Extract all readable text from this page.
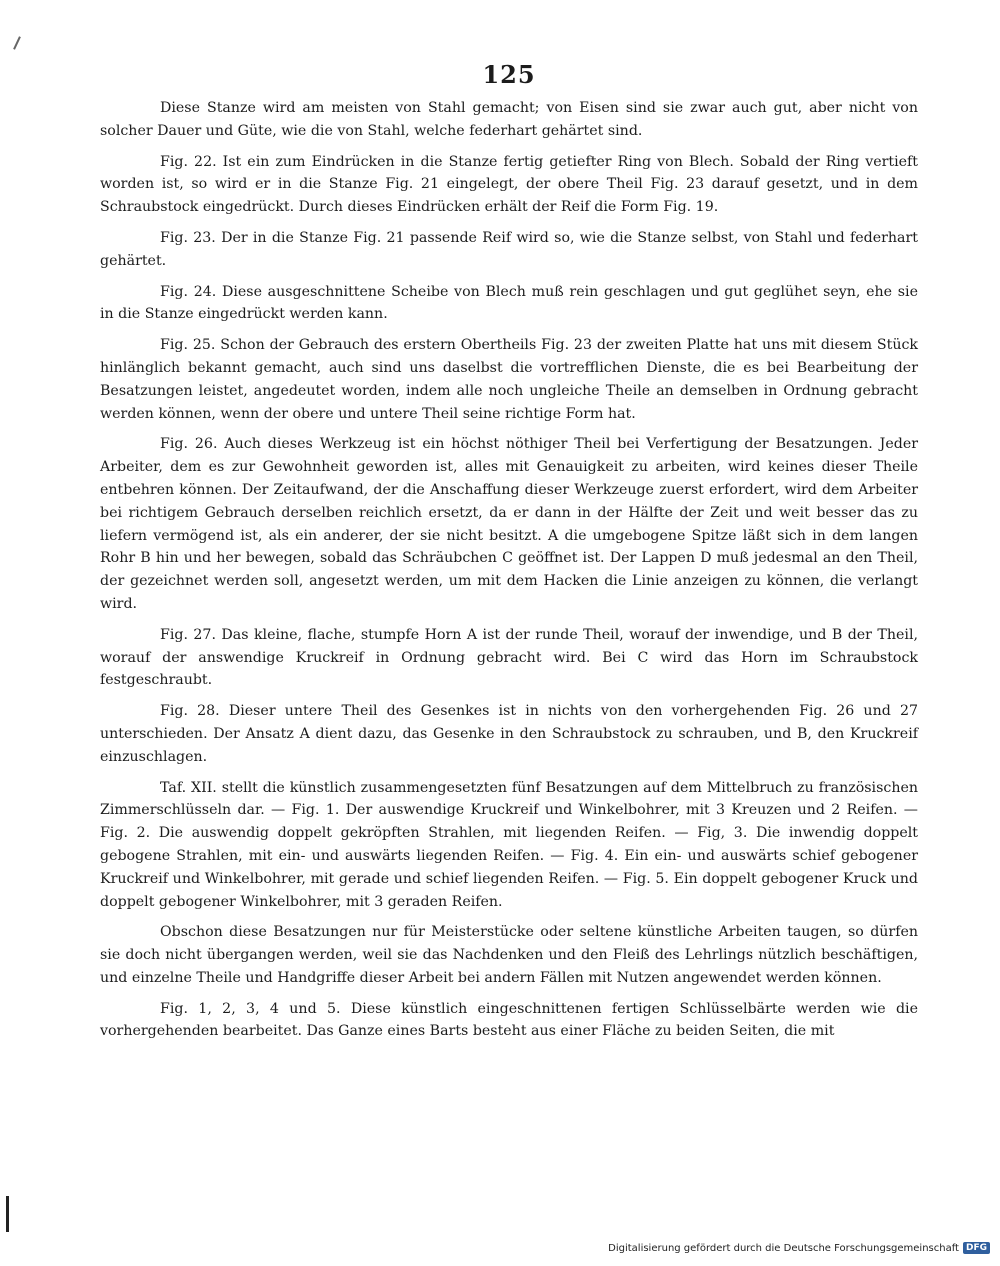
125

Diese Stanze wird am meisten von Stahl gemacht; von Eisen sind sie zwar auch gut, aber nicht von solcher Dauer und Güte, wie die von Stahl, welche federhart gehärtet sind.

Fig. 22. Ist ein zum Eindrücken in die Stanze fertig getiefter Ring von Blech. Sobald der Ring vertieft worden ist, so wird er in die Stanze Fig. 21 eingelegt, der obere Theil Fig. 23 darauf gesetzt, und in dem Schraubstock eingedrückt. Durch dieses Eindrücken erhält der Reif die Form Fig. 19.

Fig. 23. Der in die Stanze Fig. 21 passende Reif wird so, wie die Stanze selbst, von Stahl und federhart gehärtet.

Fig. 24. Diese ausgeschnittene Scheibe von Blech muß rein geschlagen und gut geglühet seyn, ehe sie in die Stanze eingedrückt werden kann.

Fig. 25. Schon der Gebrauch des erstern Obertheils Fig. 23 der zweiten Platte hat uns mit diesem Stück hinlänglich bekannt gemacht, auch sind uns daselbst die vortrefflichen Dienste, die es bei Bearbeitung der Besatzungen leistet, angedeutet worden, indem alle noch ungleiche Theile an demselben in Ordnung gebracht werden können, wenn der obere und untere Theil seine richtige Form hat.

Fig. 26. Auch dieses Werkzeug ist ein höchst nöthiger Theil bei Verfertigung der Besatzungen. Jeder Arbeiter, dem es zur Gewohnheit geworden ist, alles mit Genauigkeit zu arbeiten, wird keines dieser Theile entbehren können. Der Zeitaufwand, der die Anschaffung dieser Werkzeuge zuerst erfordert, wird dem Arbeiter bei richtigem Gebrauch derselben reichlich ersetzt, da er dann in der Hälfte der Zeit und weit besser das zu liefern vermögend ist, als ein anderer, der sie nicht besitzt. A die umgebogene Spitze läßt sich in dem langen Rohr B hin und her bewegen, sobald das Schräubchen C geöffnet ist. Der Lappen D muß jedesmal an den Theil, der gezeichnet werden soll, angesetzt werden, um mit dem Hacken die Linie anzeigen zu können, die verlangt wird.

Fig. 27. Das kleine, flache, stumpfe Horn A ist der runde Theil, worauf der inwendige, und B der Theil, worauf der answendige Kruckreif in Ordnung gebracht wird. Bei C wird das Horn im Schraubstock festgeschraubt.

Fig. 28. Dieser untere Theil des Gesenkes ist in nichts von den vorhergehenden Fig. 26 und 27 unterschieden. Der Ansatz A dient dazu, das Gesenke in den Schraubstock zu schrauben, und B, den Kruckreif einzuschlagen.

Taf. XII. stellt die künstlich zusammengesetzten fünf Besatzungen auf dem Mittelbruch zu französischen Zimmerschlüsseln dar. — Fig. 1. Der auswendige Kruckreif und Winkelbohrer, mit 3 Kreuzen und 2 Reifen. — Fig. 2. Die auswendig doppelt gekröpften Strahlen, mit liegenden Reifen. — Fig, 3. Die inwendig doppelt gebogene Strahlen, mit ein- und auswärts liegenden Reifen. — Fig. 4. Ein ein- und auswärts schief gebogener Kruckreif und Winkelbohrer, mit gerade und schief liegenden Reifen. — Fig. 5. Ein doppelt gebogener Kruck und doppelt gebogener Winkelbohrer, mit 3 geraden Reifen.

Obschon diese Besatzungen nur für Meisterstücke oder seltene künstliche Arbeiten taugen, so dürfen sie doch nicht übergangen werden, weil sie das Nachdenken und den Fleiß des Lehrlings nützlich beschäftigen, und einzelne Theile und Handgriffe dieser Arbeit bei andern Fällen mit Nutzen angewendet werden können.

Fig. 1, 2, 3, 4 und 5. Diese künstlich eingeschnittenen fertigen Schlüsselbärte werden wie die vorhergehenden bearbeitet. Das Ganze eines Barts besteht aus einer Fläche zu beiden Seiten, die mit

Digitalisierung gefördert durch die Deutsche Forschungsgemeinschaft DFG
